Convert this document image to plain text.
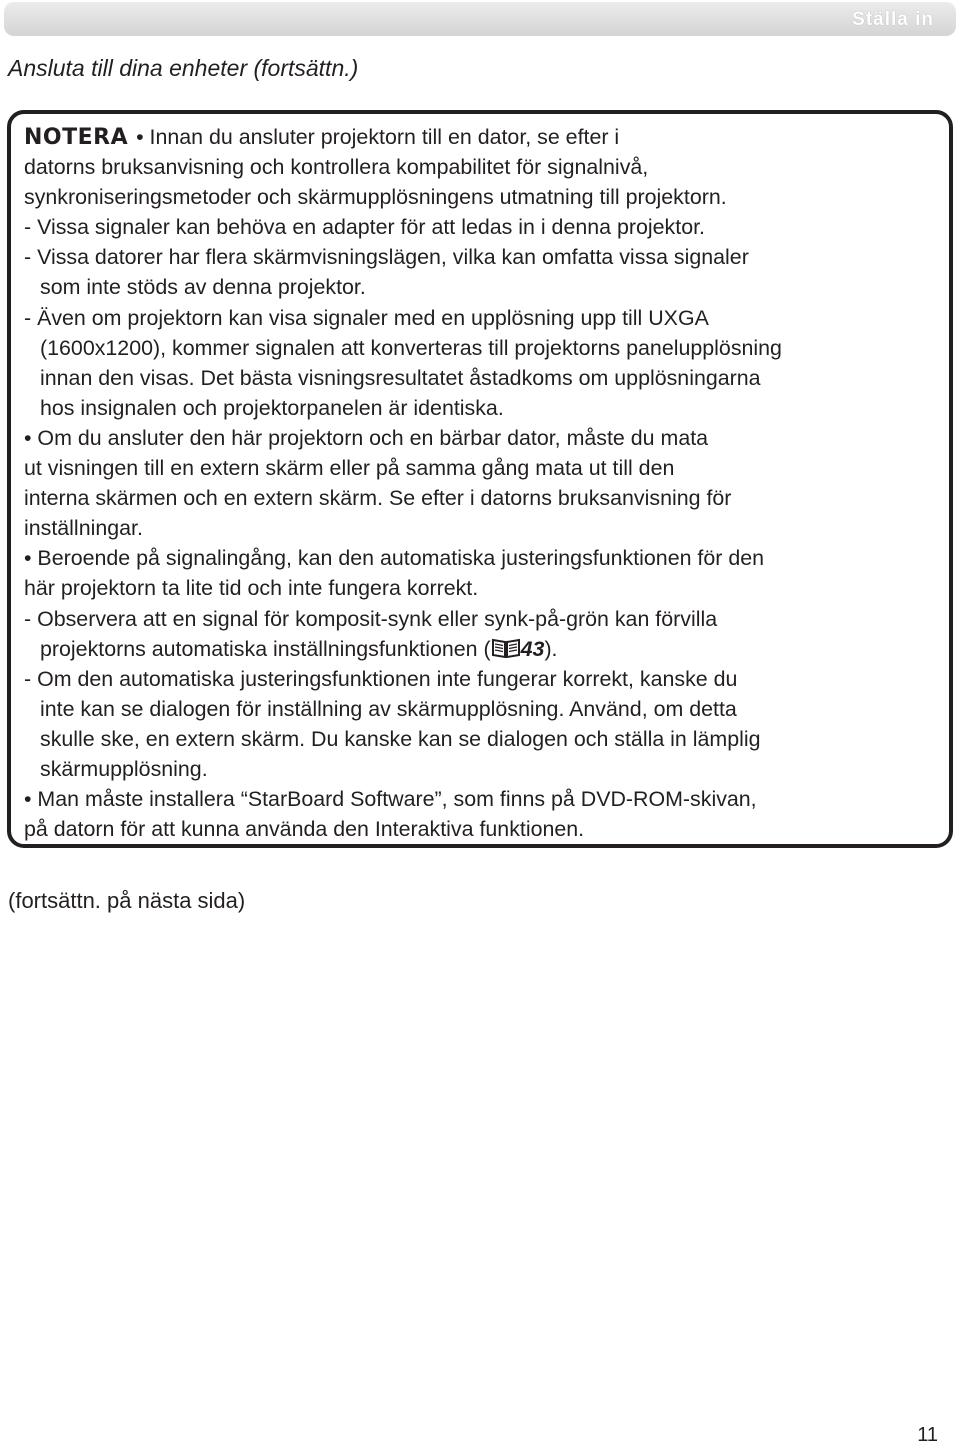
Ställa in
Ansluta till dina enheter (fortsättn.)
NOTERA • Innan du ansluter projektorn till en dator, se efter i
datorns bruksanvisning och kontrollera kompabilitet för signalnivå,
synkroniseringsmetoder och skärmupplösningens utmatning till projektorn.
- Vissa signaler kan behöva en adapter för att ledas in i denna projektor.
- Vissa datorer har flera skärmvisningslägen, vilka kan omfatta vissa signaler
som inte stöds av denna projektor.
- Även om projektorn kan visa signaler med en upplösning upp till UXGA
(1600x1200), kommer signalen att konverteras till projektorns panelupplösning
innan den visas. Det bästa visningsresultatet åstadkoms om upplösningarna
hos insignalen och projektorpanelen är identiska.
• Om du ansluter den här projektorn och en bärbar dator, måste du mata
ut visningen till en extern skärm eller på samma gång mata ut till den
interna skärmen och en extern skärm. Se efter i datorns bruksanvisning för
inställningar.
• Beroende på signalingång, kan den automatiska justeringsfunktionen för den
här projektorn ta lite tid och inte fungera korrekt.
- Observera att en signal för komposit-synk eller synk-på-grön kan förvilla
projektorns automatiska inställningsfunktionen ( 43).
- Om den automatiska justeringsfunktionen inte fungerar korrekt, kanske du
inte kan se dialogen för inställning av skärmupplösning. Använd, om detta
skulle ske, en extern skärm. Du kanske kan se dialogen och ställa in lämplig
skärmupplösning.
• Man måste installera “StarBoard Software”, som finns på DVD-ROM-skivan,
på datorn för att kunna använda den Interaktiva funktionen.
(fortsättn. på nästa sida)
11
